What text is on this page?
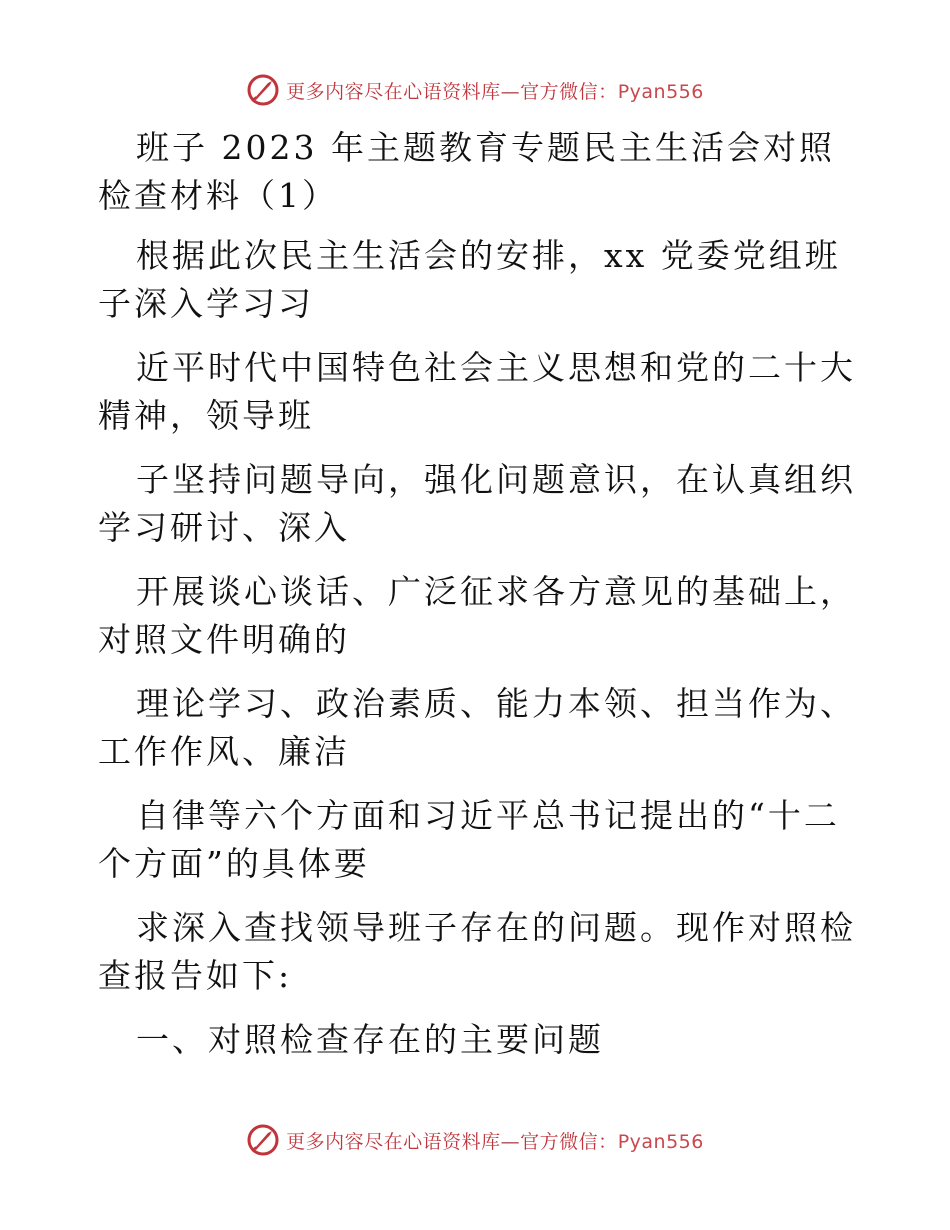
更多内容尽在心语资料库—官方微信：Pyan556

班子 2023 年主题教育专题民主生活会对照检查材料（1）

根据此次民主生活会的安排，xx 党委党组班子深入学习习

近平时代中国特色社会主义思想和党的二十大精神，领导班

子坚持问题导向，强化问题意识，在认真组织学习研讨、深入

开展谈心谈话、广泛征求各方意见的基础上，对照文件明确的

理论学习、政治素质、能力本领、担当作为、工作作风、廉洁

自律等六个方面和习近平总书记提出的“十二个方面”的具体要

求深入查找领导班子存在的问题。现作对照检查报告如下:

一、对照检查存在的主要问题

更多内容尽在心语资料库—官方微信：Pyan556
